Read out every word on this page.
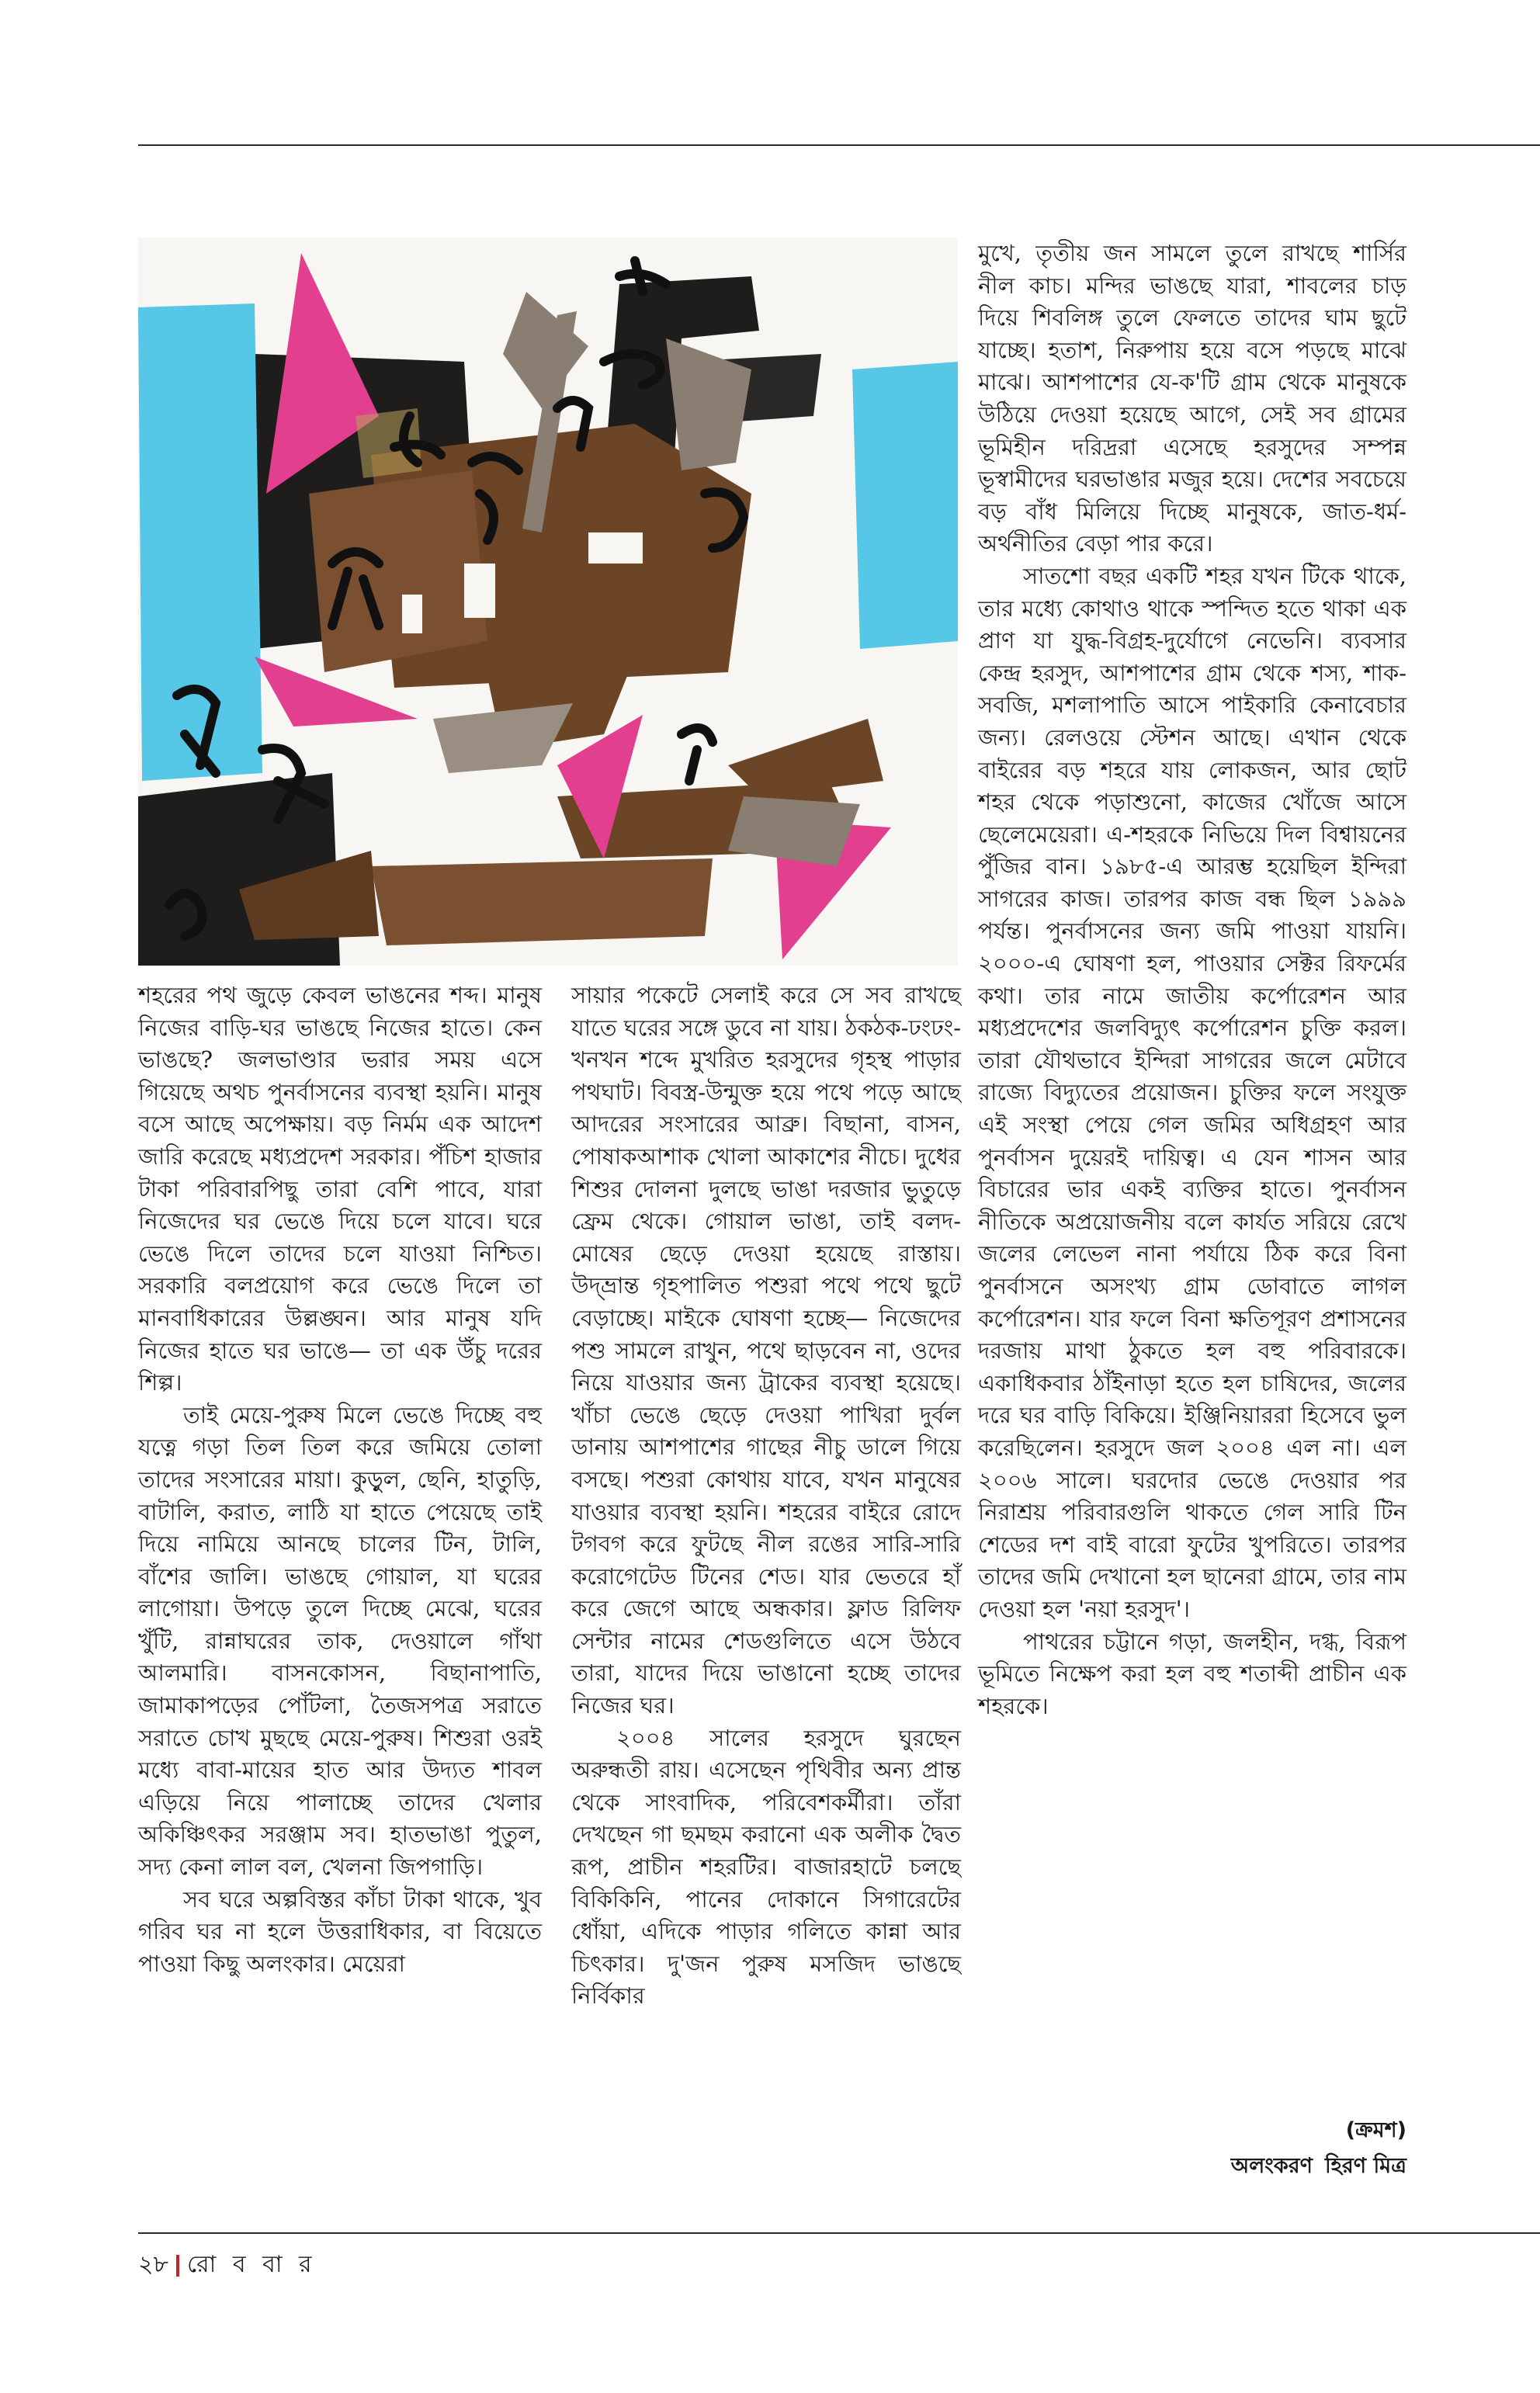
শহরের পথ জুড়ে কেবল ভাঙনের শব্দ। মানুষ নিজের বাড়ি-ঘর ভাঙছে নিজের হাতে। কেন ভাঙছে? জলভাণ্ডার ভরার সময় এসে গিয়েছে অথচ পুনর্বাসনের ব্যবস্থা হয়নি। মানুষ বসে আছে অপেক্ষায়। বড় নির্মম এক আদেশ জারি করেছে মধ্যপ্রদেশ সরকার। পঁচিশ হাজার টাকা পরিবারপিছু তারা বেশি পাবে, যারা নিজেদের ঘর ভেঙে দিয়ে চলে যাবে। ঘরে ভেঙে দিলে তাদের চলে যাওয়া নিশ্চিত। সরকারি বলপ্রয়োগ করে ভেঙে দিলে তা মানবাধিকারের উল্লঙ্ঘন। আর মানুষ যদি নিজের হাতে ঘর ভাঙে— তা এক উঁচু দরের শিল্প।

তাই মেয়ে-পুরুষ মিলে ভেঙে দিচ্ছে বহু যত্নে গড়া তিল তিল করে জমিয়ে তোলা তাদের সংসারের মায়া। কুড়ুল, ছেনি, হাতুড়ি, বাটালি, করাত, লাঠি যা হাতে পেয়েছে তাই দিয়ে নামিয়ে আনছে চালের টিন, টালি, বাঁশের জালি। ভাঙছে গোয়াল, যা ঘরের লাগোয়া। উপড়ে তুলে দিচ্ছে মেঝে, ঘরের খুঁটি, রান্নাঘরের তাক, দেওয়ালে গাঁথা আলমারি। বাসনকোসন, বিছানাপাতি, জামাকাপড়ের পোঁটলা, তৈজসপত্র সরাতে সরাতে চোখ মুছছে মেয়ে-পুরুষ। শিশুরা ওরই মধ্যে বাবা-মায়ের হাত আর উদ্যত শাবল এড়িয়ে নিয়ে পালাচ্ছে তাদের খেলার অকিঞ্চিৎকর সরঞ্জাম সব। হাতভাঙা পুতুল, সদ্য কেনা লাল বল, খেলনা জিপগাড়ি।

সব ঘরে অল্পবিস্তর কাঁচা টাকা থাকে, খুব গরিব ঘর না হলে উত্তরাধিকার, বা বিয়েতে পাওয়া কিছু অলংকার। মেয়েরা

সায়ার পকেটে সেলাই করে সে সব রাখছে যাতে ঘরের সঙ্গে ডুবে না যায়। ঠকঠক-ঢংঢং-খনখন শব্দে মুখরিত হরসুদের গৃহস্থ পাড়ার পথঘাট। বিবস্ত্র-উন্মুক্ত হয়ে পথে পড়ে আছে আদরের সংসারের আব্রু। বিছানা, বাসন, পোষাকআশাক খোলা আকাশের নীচে। দুধের শিশুর দোলনা দুলছে ভাঙা দরজার ভুতুড়ে ফ্রেম থেকে। গোয়াল ভাঙা, তাই বলদ-মোষের ছেড়ে দেওয়া হয়েছে রাস্তায়। উদ্‌ভ্রান্ত গৃহপালিত পশুরা পথে পথে ছুটে বেড়াচ্ছে। মাইকে ঘোষণা হচ্ছে— নিজেদের পশু সামলে রাখুন, পথে ছাড়বেন না, ওদের নিয়ে যাওয়ার জন্য ট্রাকের ব্যবস্থা হয়েছে। খাঁচা ভেঙে ছেড়ে দেওয়া পাখিরা দুর্বল ডানায় আশপাশের গাছের নীচু ডালে গিয়ে বসছে। পশুরা কোথায় যাবে, যখন মানুষের যাওয়ার ব্যবস্থা হয়নি। শহরের বাইরে রোদে টগবগ করে ফুটছে নীল রঙের সারি-সারি করোগেটেড টিনের শেড। যার ভেতরে হাঁ করে জেগে আছে অন্ধকার। ফ্লাড রিলিফ সেন্টার নামের শেডগুলিতে এসে উঠবে তারা, যাদের দিয়ে ভাঙানো হচ্ছে তাদের নিজের ঘর।

২০০৪ সালের হরসুদে ঘুরছেন অরুন্ধতী রায়। এসেছেন পৃথিবীর অন্য প্রান্ত থেকে সাংবাদিক, পরিবেশকর্মীরা। তাঁরা দেখছেন গা ছমছম করানো এক অলীক দ্বৈত রূপ, প্রাচীন শহরটির। বাজারহাটে চলছে বিকিকিনি, পানের দোকানে সিগারেটের ধোঁয়া, এদিকে পাড়ার গলিতে কান্না আর চিৎকার। দু'জন পুরুষ মসজিদ ভাঙছে নির্বিকার

মুখে, তৃতীয় জন সামলে তুলে রাখছে শার্সির নীল কাচ। মন্দির ভাঙছে যারা, শাবলের চাড় দিয়ে শিবলিঙ্গ তুলে ফেলতে তাদের ঘাম ছুটে যাচ্ছে। হতাশ, নিরুপায় হয়ে বসে পড়ছে মাঝে মাঝে। আশপাশের যে-ক'টি গ্রাম থেকে মানুষকে উঠিয়ে দেওয়া হয়েছে আগে, সেই সব গ্রামের ভূমিহীন দরিদ্ররা এসেছে হরসুদের সম্পন্ন ভূস্বামীদের ঘরভাঙার মজুর হয়ে। দেশের সবচেয়ে বড় বাঁধ মিলিয়ে দিচ্ছে মানুষকে, জাত-ধর্ম-অর্থনীতির বেড়া পার করে।

সাতশো বছর একটি শহর যখন টিকে থাকে, তার মধ্যে কোথাও থাকে স্পন্দিত হতে থাকা এক প্রাণ যা যুদ্ধ-বিগ্রহ-দুর্যোগে নেভেনি। ব্যবসার কেন্দ্র হরসুদ, আশপাশের গ্রাম থেকে শস্য, শাক-সবজি, মশলাপাতি আসে পাইকারি কেনাবেচার জন্য। রেলওয়ে স্টেশন আছে। এখান থেকে বাইরের বড় শহরে যায় লোকজন, আর ছোট শহর থেকে পড়াশুনো, কাজের খোঁজে আসে ছেলেমেয়েরা। এ-শহরকে নিভিয়ে দিল বিশ্বায়নের পুঁজির বান। ১৯৮৫-এ আরম্ভ হয়েছিল ইন্দিরা সাগরের কাজ। তারপর কাজ বন্ধ ছিল ১৯৯৯ পর্যন্ত। পুনর্বাসনের জন্য জমি পাওয়া যায়নি। ২০০০-এ ঘোষণা হল, পাওয়ার সেক্টর রিফর্মের কথা। তার নামে জাতীয় কর্পোরেশন আর মধ্যপ্রদেশের জলবিদ্যুৎ কর্পোরেশন চুক্তি করল। তারা যৌথভাবে ইন্দিরা সাগরের জলে মেটাবে রাজ্যে বিদ্যুতের প্রয়োজন। চুক্তির ফলে সংযুক্ত এই সংস্থা পেয়ে গেল জমির অধিগ্রহণ আর পুনর্বাসন দুয়েরই দায়িত্ব। এ যেন শাসন আর বিচারের ভার একই ব্যক্তির হাতে। পুনর্বাসন নীতিকে অপ্রয়োজনীয় বলে কার্যত সরিয়ে রেখে জলের লেভেল নানা পর্যায়ে ঠিক করে বিনা পুনর্বাসনে অসংখ্য গ্রাম ডোবাতে লাগল কর্পোরেশন। যার ফলে বিনা ক্ষতিপূরণ প্রশাসনের দরজায় মাথা ঠুকতে হল বহু পরিবারকে। একাধিকবার ঠাঁইনাড়া হতে হল চাষিদের, জলের দরে ঘর বাড়ি বিকিয়ে। ইঞ্জিনিয়াররা হিসেবে ভুল করেছিলেন। হরসুদে জল ২০০৪ এল না। এল ২০০৬ সালে। ঘরদোর ভেঙে দেওয়ার পর নিরাশ্রয় পরিবারগুলি থাকতে গেল সারি টিন শেডের দশ বাই বারো ফুটের খুপরিতে। তারপর তাদের জমি দেখানো হল ছানেরা গ্রামে, তার নাম দেওয়া হল 'নয়া হরসুদ'।

পাথরের চট্টানে গড়া, জলহীন, দগ্ধ, বিরূপ ভূমিতে নিক্ষেপ করা হল বহু শতাব্দী প্রাচীন এক শহরকে।

(ক্রমশ)
অলংকরণ হিরণ মিত্র
২৮ রো ব বা র
